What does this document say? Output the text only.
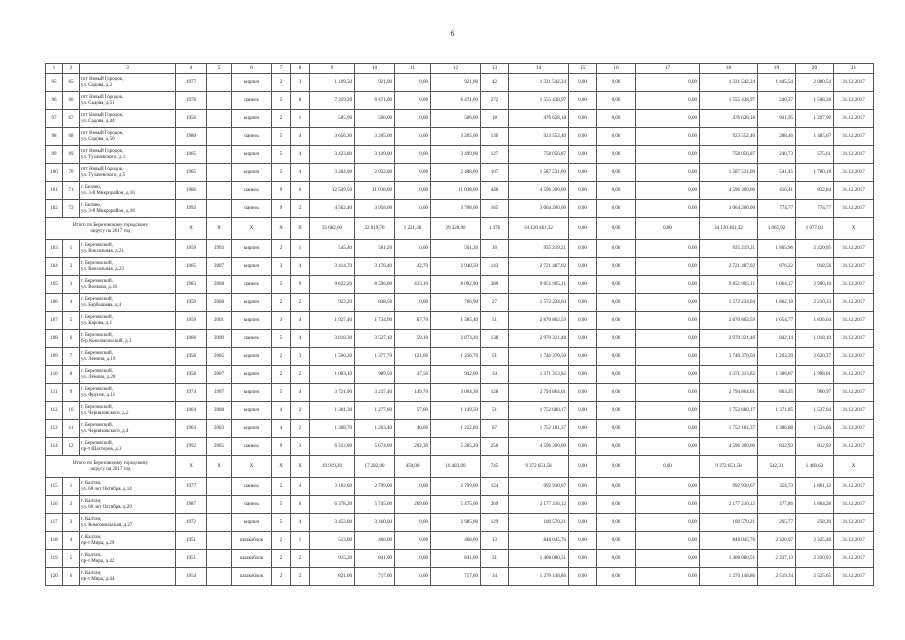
6
1	2	3	4	5	6	7	8	9	10	11	12	13	14	15	16	17	18	19	20	21
95	65	пгт Новый Городок,
ул. Садова, д.2	1977		кирпич	2	3	1 109,50	921,00	0,00	921,00	42	1 331 542,24	0,00	0,00	0,00	1 331 542,24	1 445,54	2 080,54	31.12.2017
96	66	пгт Новый Городок,
ул. Садова, д.51	1978		панель	5	8	7 359,20	6 471,00	0,00	6 471,00	272	1 555 438,97	0,00	0,00	0,00	1 555 438,97	240,37	1 508,38	31.12.2017
97	67	пгт Новый Городок,
ул. Садова, д.44	1956		кирпич	2	1	505,90	506,00	0,00	506,00	18	476 628,18	0,00	0,00	0,00	476 628,18	941,95	1 297,99	31.12.2017
98	68	пгт Новый Городок,
ул. Садова, д.50	1980		панель	5	4	3 656,30	3 205,00	0,00	3 205,00	130	923 552,40	0,00	0,00	0,00	923 552,40	288,46	1 485,67	31.12.2017
99	69	пгт Новый Городок,
ул. Тухачевского, д.1	1965		кирпич	5	4	3 423,80	3 149,00	0,00	3 499,00	127	758 056,87	0,00	0,00	0,00	758 056,87	240,73	575,61	31.12.2017
100	70	пгт Новый Городок,
ул. Тухачевского, д.5	1965		кирпич	5	4	3 204,90	2 932,00	0,00	2 488,00	107	1 587 531,00	0,00	0,00	0,00	1 587 531,00	541,45	1 780,18	31.12.2017
101	71	г. Белово,
ул. 3-й Микрорайон, д.10	1986		панель	9	6	12 549,50	11 038,00	0,00	11 038,00	448	4 596 300,00	0,00	0,00	0,00	4 596 300,00	416,41	832,84	31.12.2017
102	72	г. Белово,
ул. 3-й Микрорайон, д.18	1992		панель	9	2	4 562,40	3 958,00	0,00	3 708,00	165	3 064 200,00	0,00	0,00	0,00	3 064 200,00	774,77	774,77	31.12.2017
Итого по Березовскому городскому
округу на 2017 год			X	X	X	X	X	35 682,60	32 019,70	1 221,30	29 328,00	1 376	34 130 461,32	0,00	0,00	0,00	34 130 461,32	1 065,92	1 077,81	X
103	1	г. Березовский,
ул. Вокзальная, д.21	1959	1993	кирпич	2	1	545,40	501,20	0,00	501,20	16	935 219,21	0,00	0,00	0,00	935 219,21	1 865,96	2 220,95	31.12.2017
104	2	г. Березовский,
ул. Вокзальная, д.23	1965	2007	кирпич	3	4	3 414,70	3 176,40	42,70	2 948,50	143	2 721 487,02	0,00	0,00	0,00	2 721 487,02	876,22	918,56	31.12.2017
105	3	г. Березовский,
ул. Волкова, д.16	1983	2008	панель	5	9	9 622,20	8 596,00	413,10	8 092,90	386	9 051 905,11	0,00	0,00	0,00	9 051 905,11	1 064,17	2 900,16	31.12.2017
106	4	г. Березовский,
ул. Барбышева, д.4	1959	2008	кирпич	2	2	923,20	848,50	0,00	766,90	27	1 572 234,04	0,00	0,00	0,00	1 572 234,04	1 862,10	2 210,33	31.12.2017
107	5	г. Березовский,
ул. Карова, д.1	1959	2001	кирпич	3	4	1 927,40	1 734,90	87,70	1 385,40	51	2 870 862,59	0,00	0,00	0,00	2 870 862,59	1 654,77	1 836,04	31.12.2017
108	6	г. Березовский,
б-р Комсомольский, д.1	1966	2009	панель	5	4	3 818,30	3 527,10	59,10	2 873,20	138	2 970 321,48	0,00	0,00	0,00	2 970 321,48	842,14	1 018,10	31.12.2017
109	7	г. Березовский,
ул. Ленина, д.19	1958	2005	кирпич	2	3	1 506,20	1 377,70	121,60	1 256,70	51	1 740 370,50	0,00	0,00	0,00	1 740 370,50	1 263,39	2 620,37	31.12.2017
110	8	г. Березовский,
ул. Ленина, д.20	1958	2007	кирпич	2	2	1 083,10	989,50	47,50	942,00	34	1 371 313,82	0,00	0,00	0,00	1 371 313,82	1 386,07	1 998,01	31.12.2017
111	9	г. Березовский,
ул. Фрунзе, д.11	1974	1997	кирпич	5	4	3 721,90	3 237,40	149,70	3 004,30	128	2 794 864,01	0,00	0,00	0,00	2 794 864,01	863,25	900,97	31.12.2017
112	10	г. Березовский,
ул. Черняховского, д.2	1964	2008	кирпич	4	2	1 381,30	1 277,60	57,60	1 149,50	51	1 752 680,17	0,00	0,00	0,00	1 752 680,17	1 371,85	1 527,64	31.12.2017
113	11	г. Березовский,
ул. Черняховского, д.4	1964	2003	кирпич	4	2	1 368,70	1 263,40	40,60	1 222,80	67	1 752 181,37	0,00	0,00	0,00	1 752 181,37	1 386,88	1 534,66	31.12.2017
114	12	г. Березовский,
пр-т Шахтеров, д.3	1992	2005	панель	9	3	6 312,00	5 674,00	202,30	5 285,20	256	4 596 300,00	0,00	0,00	0,00	4 596 300,00	832,93	812,93	31.12.2017
Итого по Березовскому городскому
округу на 2017 год			X	X	X	X	X	19 919,20	17 282,00	450,00	16 483,00	745	9 372 651,58	0,00	0,00	0,00	9 372 651,58	542,31	1 460,62	X
115	1	г. Калтан,
ул. 60 лет Октября, д.14	1977		панель	5	4	3 102,60	2 799,00	0,00	2 799,00	124	992 930,67	0,00	0,00	0,00	992 930,67	354,73	1 861,12	31.12.2017
116	2	г. Калтан,
ул. 60 лет Октября, д.29	1987		панель	5	6	6 378,20	5 745,00	269,00	5 475,00	269	2 177 216,12	0,00	0,00	0,00	2 177 216,12	377,86	1 804,28	31.12.2017
117	3	г. Калтан,
ул. Комсомольская, д.27	1972		кирпич	5	4	3 453,00	3 160,00	0,00	2 985,00	129	100 570,21	0,00	0,00	0,00	100 570,21	265,77	258,20	31.12.2017
118	4	г. Калтан,
пр-т Мира, д.29	1951		шлакоблок	2	1	513,00	468,00	0,00	468,00	13	848 045,76	0,00	0,00	0,00	848 045,76	2 320,97	2 325,48	31.12.2017
119	5	г. Калтан,
пр-т Мира, д.42	1951		шлакоблок	2	2	915,20	841,00	0,00	841,00	31	1 408 080,51	0,00	0,00	0,00	1 408 080,51	2 337,13	2 330,93	31.12.2017
120	6	г. Калтан,
пр-т Мира, д.44	1954		шлакоблок	2	2	821,00	717,00	0,00	717,60	34	1 270 148,86	0,00	0,00	0,00	1 270 148,86	2 519,34	2 525,65	31.12.2017
